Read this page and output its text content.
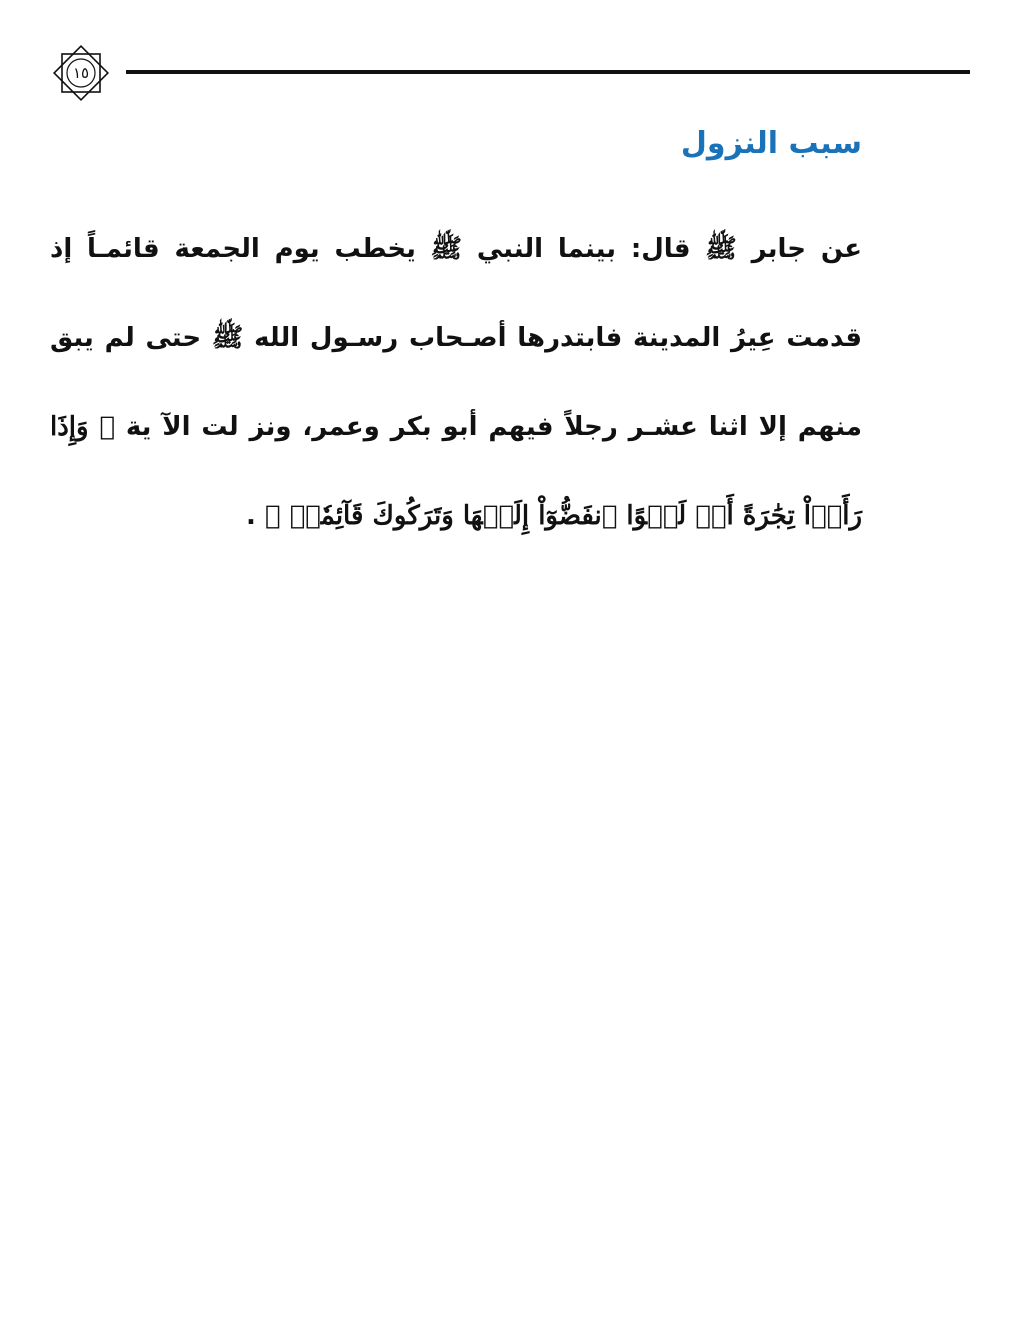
١٥
سبب النزول
عن جابر ﷺ قال: بينما النبي ﷺ يخطب يوم الجمعة قائمـاً إذ قدمت عِيرُ المدينة فابتدرها أصـحاب رسـول الله ﷺ حتى لم يبق منهم إلا اثنا عشـر رجلاً فيهم أبو بكر وعمر، ونز لت الآ ية ﴿ وَإِذَا رَأَوۡاْ تِجَٰرَةً أَوۡ لَهۡوًا ٱنفَضُّوٓاْ إِلَيۡهَا وَتَرَكُوكَ قَآئِمٗاۚ ﴾ .
